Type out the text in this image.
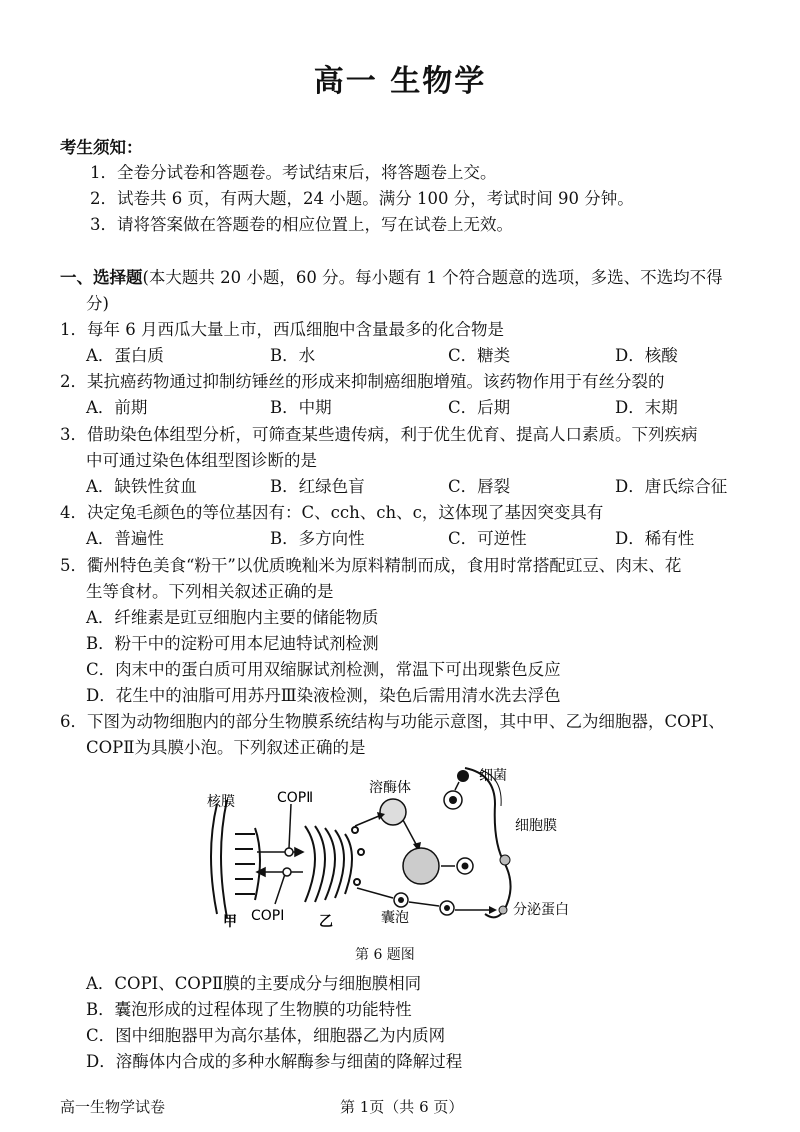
高一 生物学
考生须知：
1．全卷分试卷和答题卷。考试结束后，将答题卷上交。
2．试卷共 6 页，有两大题，24 小题。满分 100 分，考试时间 90 分钟。
3．请将答案做在答题卷的相应位置上，写在试卷上无效。
一、选择题(本大题共 20 小题，60 分。每小题有 1 个符合题意的选项，多选、不选均不得
分)
1．每年 6 月西瓜大量上市，西瓜细胞中含量最多的化合物是
A．蛋白质	B．水	C．糖类	D．核酸
2．某抗癌药物通过抑制纺锤丝的形成来抑制癌细胞增殖。该药物作用于有丝分裂的
A．前期	B．中期	C．后期	D．末期
3．借助染色体组型分析，可筛查某些遗传病，利于优生优育、提高人口素质。下列疾病
中可通过染色体组型图诊断的是
A．缺铁性贫血	B．红绿色盲	C．唇裂	D．唐氏综合征
4．决定兔毛颜色的等位基因有：C、cch、ch、c，这体现了基因突变具有
A．普遍性	B．多方向性	C．可逆性	D．稀有性
5．衢州特色美食“粉干”以优质晚籼米为原料精制而成，食用时常搭配豇豆、肉末、花
生等食材。下列相关叙述正确的是
A．纤维素是豇豆细胞内主要的储能物质
B．粉干中的淀粉可用本尼迪特试剂检测
C．肉末中的蛋白质可用双缩脲试剂检测，常温下可出现紫色反应
D．花生中的油脂可用苏丹Ⅲ染液检测，染色后需用清水洗去浮色
6．下图为动物细胞内的部分生物膜系统结构与功能示意图，其中甲、乙为细胞器，COPⅠ、
COPⅡ为具膜小泡。下列叙述正确的是
核膜	COPⅡ
溶酶体
细菌
细胞膜
甲 COPⅠ 乙	囊泡	分泌蛋白
第 6 题图
A．COPⅠ、COPⅡ膜的主要成分与细胞膜相同
B．囊泡形成的过程体现了生物膜的功能特性
C．图中细胞器甲为高尔基体，细胞器乙为内质网
D．溶酶体内合成的多种水解酶参与细菌的降解过程
高一生物学试卷	第 1页（共 6 页）
